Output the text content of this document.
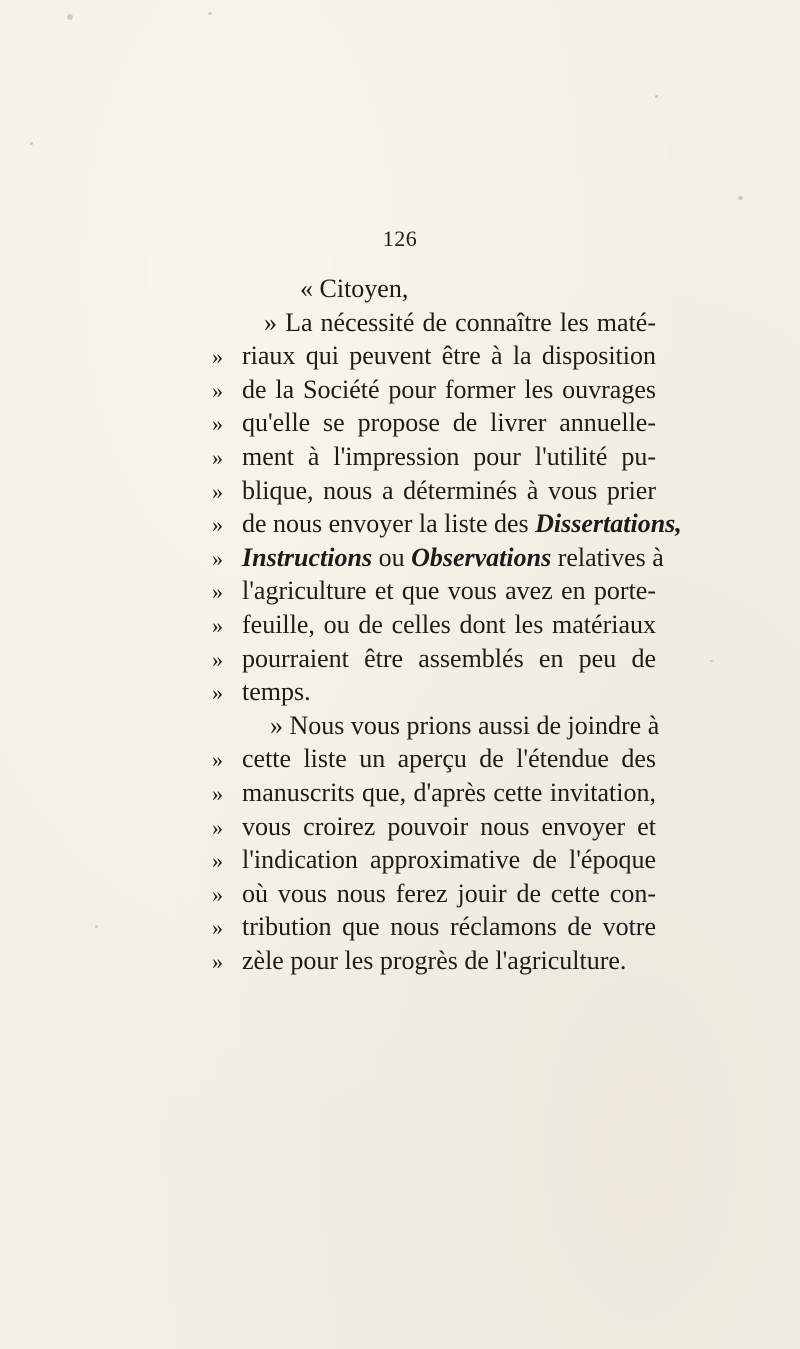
126
« Citoyen,
» La nécessité de connaître les maté-
» riaux qui peuvent être à la disposition
» de la Société pour former les ouvrages
» qu'elle se propose de livrer annuelle-
» ment à l'impression pour l'utilité pu-
» blique, nous a déterminés à vous prier
» de nous envoyer la liste des Dissertations,
» Instructions ou Observations relatives à
» l'agriculture et que vous avez en porte-
» feuille, ou de celles dont les matériaux
» pourraient être assemblés en peu de
» temps.
» Nous vous prions aussi de joindre à
» cette liste un aperçu de l'étendue des
» manuscrits que, d'après cette invitation,
» vous croirez pouvoir nous envoyer et
» l'indication approximative de l'époque
» où vous nous ferez jouir de cette con-
» tribution que nous réclamons de votre
» zèle pour les progrès de l'agriculture.
